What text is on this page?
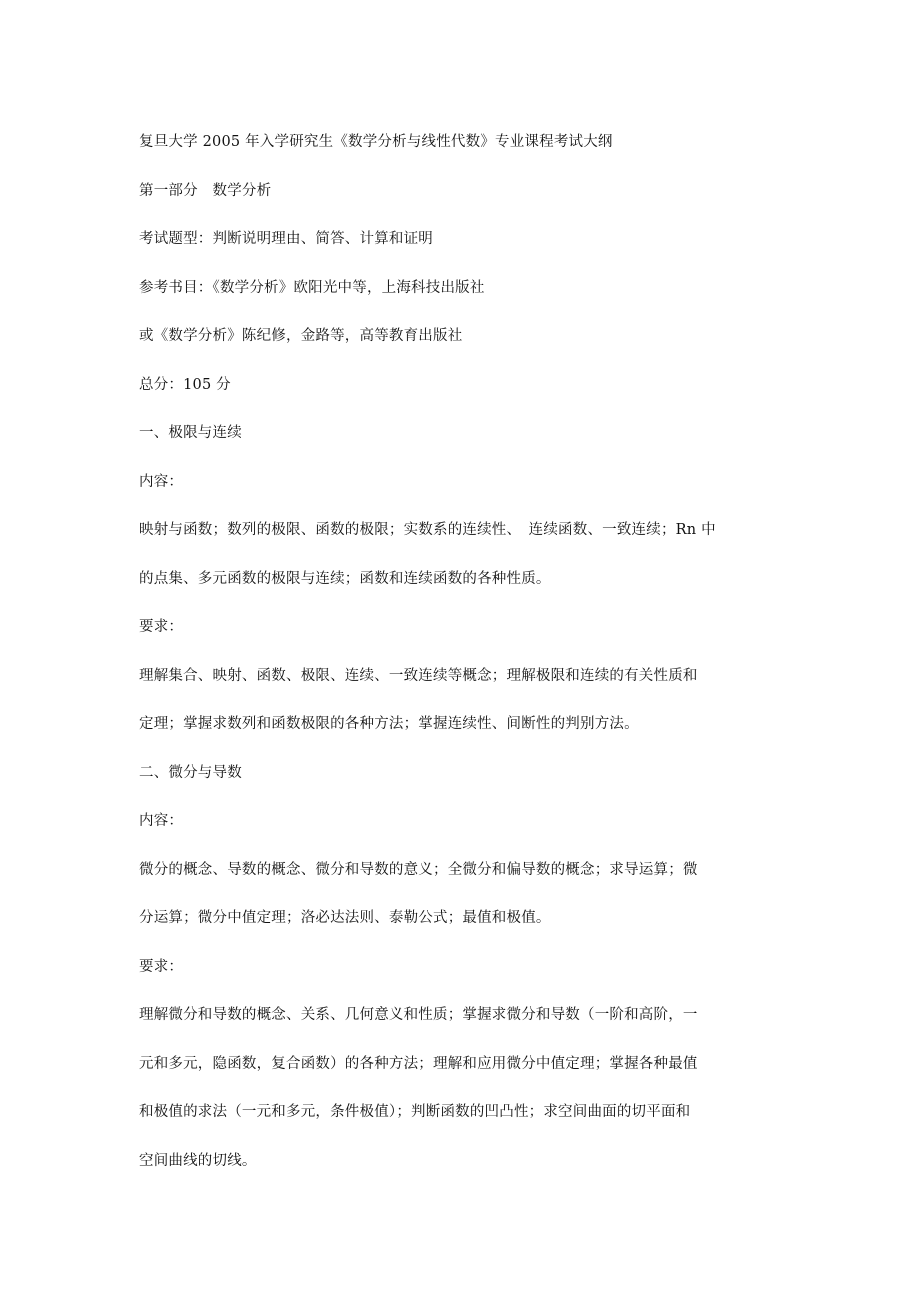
复旦大学 2005 年入学研究生《数学分析与线性代数》专业课程考试大纲
第一部分　数学分析
考试题型：判断说明理由、简答、计算和证明
参考书目：《数学分析》欧阳光中等，上海科技出版社
或《数学分析》陈纪修，金路等，高等教育出版社
总分：105 分
一、极限与连续
内容：
映射与函数；数列的极限、函数的极限；实数系的连续性、　连续函数、一致连续；Rn 中
的点集、多元函数的极限与连续；函数和连续函数的各种性质。
要求：
理解集合、映射、函数、极限、连续、一致连续等概念；理解极限和连续的有关性质和
定理；掌握求数列和函数极限的各种方法；掌握连续性、间断性的判别方法。
二、微分与导数
内容：
微分的概念、导数的概念、微分和导数的意义；全微分和偏导数的概念；求导运算；微
分运算；微分中值定理；洛必达法则、泰勒公式；最值和极值。
要求：
理解微分和导数的概念、关系、几何意义和性质；掌握求微分和导数（一阶和高阶，一
元和多元，隐函数，复合函数）的各种方法；理解和应用微分中值定理；掌握各种最值
和极值的求法（一元和多元，条件极值）；判断函数的凹凸性；求空间曲面的切平面和
空间曲线的切线。
